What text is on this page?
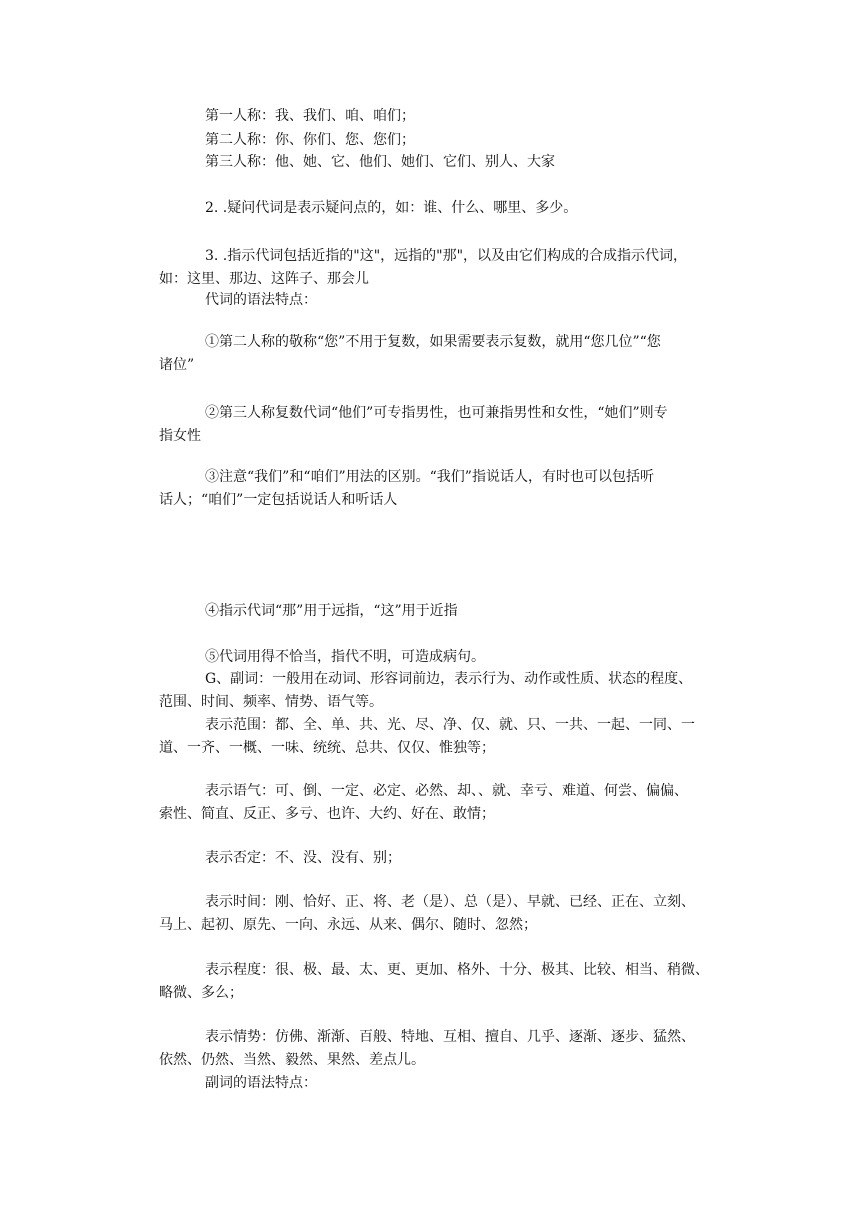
第一人称：我、我们、咱、咱们；
第二人称：你、你们、您、您们；
第三人称：他、她、它、他们、她们、它们、别人、大家
2. .疑问代词是表示疑问点的，如：谁、什么、哪里、多少。
3. .指示代词包括近指的"这"，远指的"那"，以及由它们构成的合成指示代词，
如：这里、那边、这阵子、那会儿
代词的语法特点：
①第二人称的敬称“您”不用于复数，如果需要表示复数，就用“您几位”“您
诸位”
②第三人称复数代词“他们”可专指男性，也可兼指男性和女性，“她们”则专
指女性
③注意“我们”和“咱们”用法的区别。“我们”指说话人，有时也可以包括听
话人；“咱们”一定包括说话人和听话人
④指示代词“那”用于远指，“这”用于近指
⑤代词用得不恰当，指代不明，可造成病句。
G、副词：一般用在动词、形容词前边，表示行为、动作或性质、状态的程度、
范围、时间、频率、情势、语气等。
表示范围：都、全、单、共、光、尽、净、仅、就、只、一共、一起、一同、一
道、一齐、一概、一味、统统、总共、仅仅、惟独等；
表示语气：可、倒、一定、必定、必然、却、、就、幸亏、难道、何尝、偏偏、
索性、简直、反正、多亏、也许、大约、好在、敢情；
表示否定：不、没、没有、别；
表示时间：刚、恰好、正、将、老（是）、总（是）、早就、已经、正在、立刻、
马上、起初、原先、一向、永远、从来、偶尔、随时、忽然；
表示程度：很、极、最、太、更、更加、格外、十分、极其、比较、相当、稍微、
略微、多么；
表示情势：仿佛、渐渐、百般、特地、互相、擅自、几乎、逐渐、逐步、猛然、
依然、仍然、当然、毅然、果然、差点儿。
副词的语法特点：
